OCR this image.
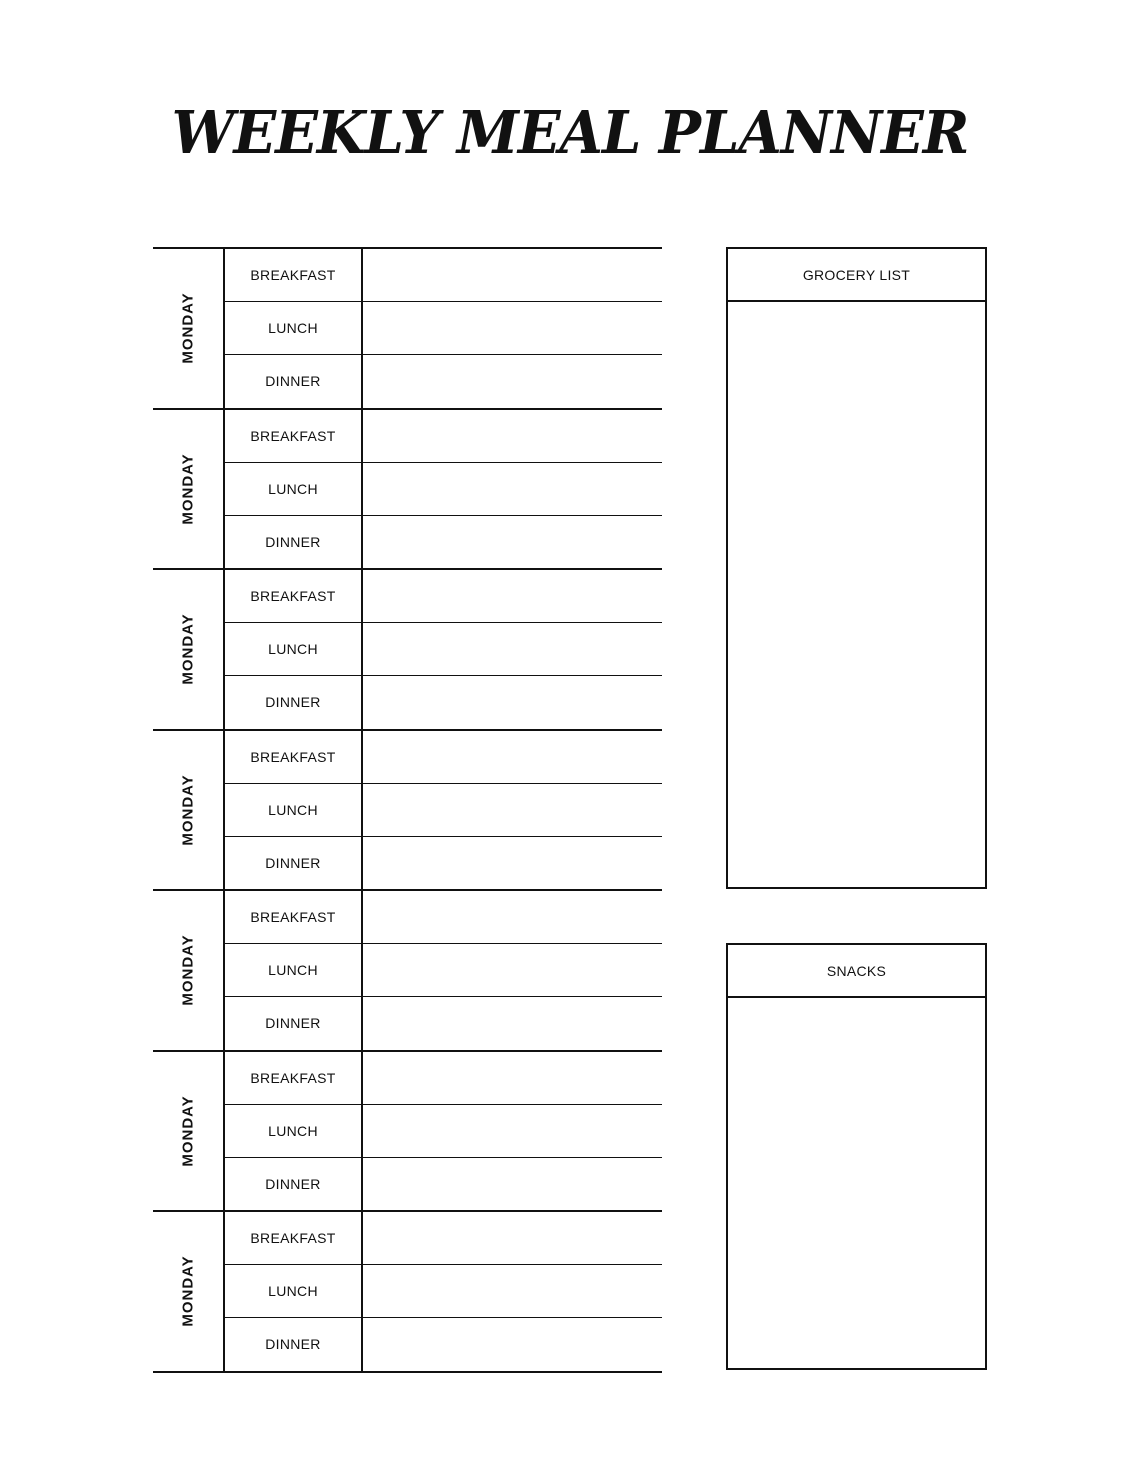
WEEKLY MEAL PLANNER
MONDAY
BREAKFAST
LUNCH
DINNER
MONDAY
BREAKFAST
LUNCH
DINNER
MONDAY
BREAKFAST
LUNCH
DINNER
MONDAY
BREAKFAST
LUNCH
DINNER
MONDAY
BREAKFAST
LUNCH
DINNER
MONDAY
BREAKFAST
LUNCH
DINNER
MONDAY
BREAKFAST
LUNCH
DINNER
GROCERY LIST
SNACKS
